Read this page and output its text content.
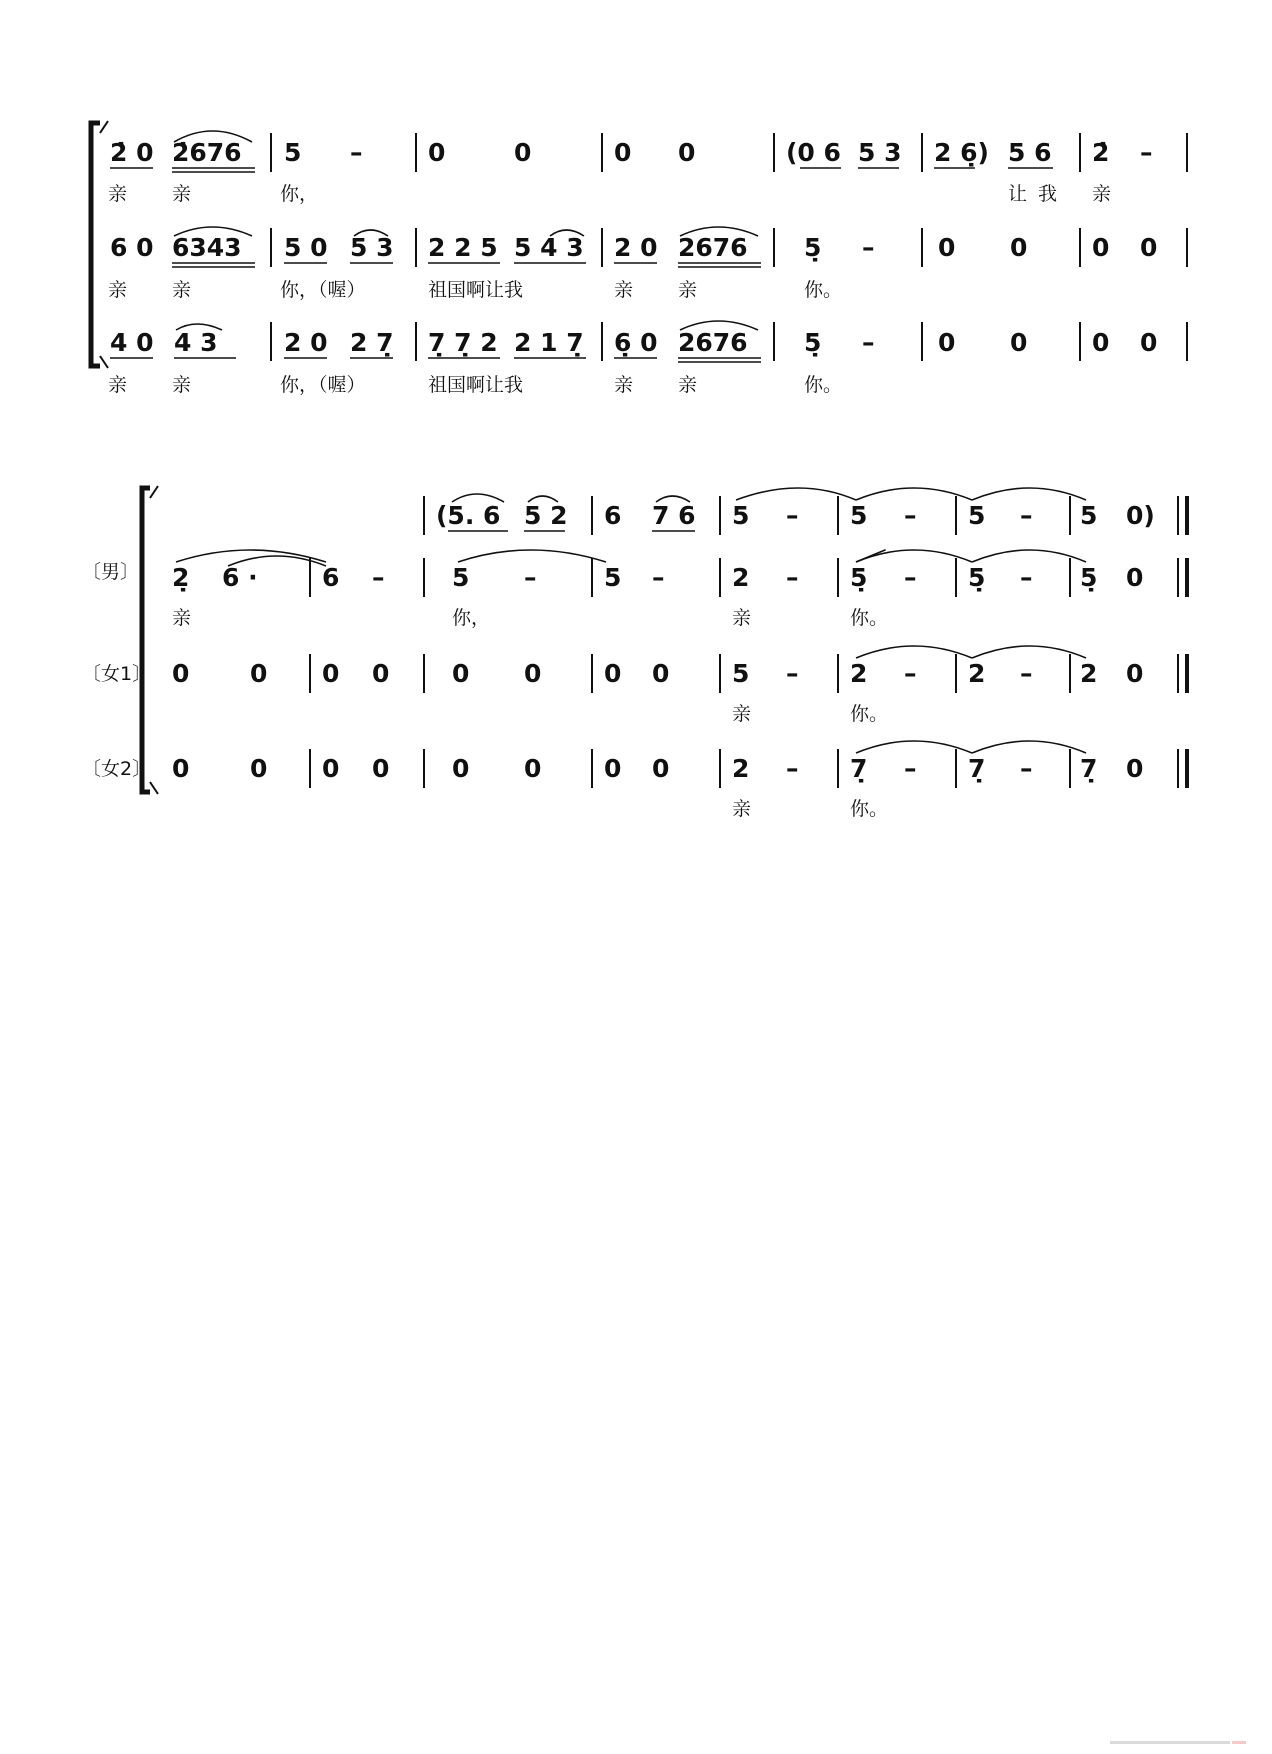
2̇ 0 2̇676 5 –	0	0	0 0	(0 6 5 3 2 6̣) 5 6 2̇ –
亲 亲	你，	让 我 亲
6 0 6343 5 0 5 3 2 2 5 5 4 3 2 0 2676 5̣ –	0 0	0 0
亲 亲	你，（喔）	祖国啊让我	亲 亲	你。
4 0 4 3	2 0 2 7̣ 7̣ 7̣ 2 2 1 7̣ 6̣ 0 2676 5̣ –	0 0	0 0
亲 亲	你，（喔）	祖国啊让我	亲 亲	你。
〔男〕
〔女1〕
〔女2〕
(5. 6 5 2 6 7 6 5 – 5 – 5 – 5 0)
2̣ 6 ·	6 –	5 –	5 –	2 – 5̣ – 5̣ – 5̣ 0
亲	你，	亲	你。
0 0 0 0	0 0	0 0	5 – 2 – 2 – 2 0
亲	你。
0 0 0 0	0 0	0 0	2 – 7̣ – 7̣ – 7̣ 0
亲	你。
